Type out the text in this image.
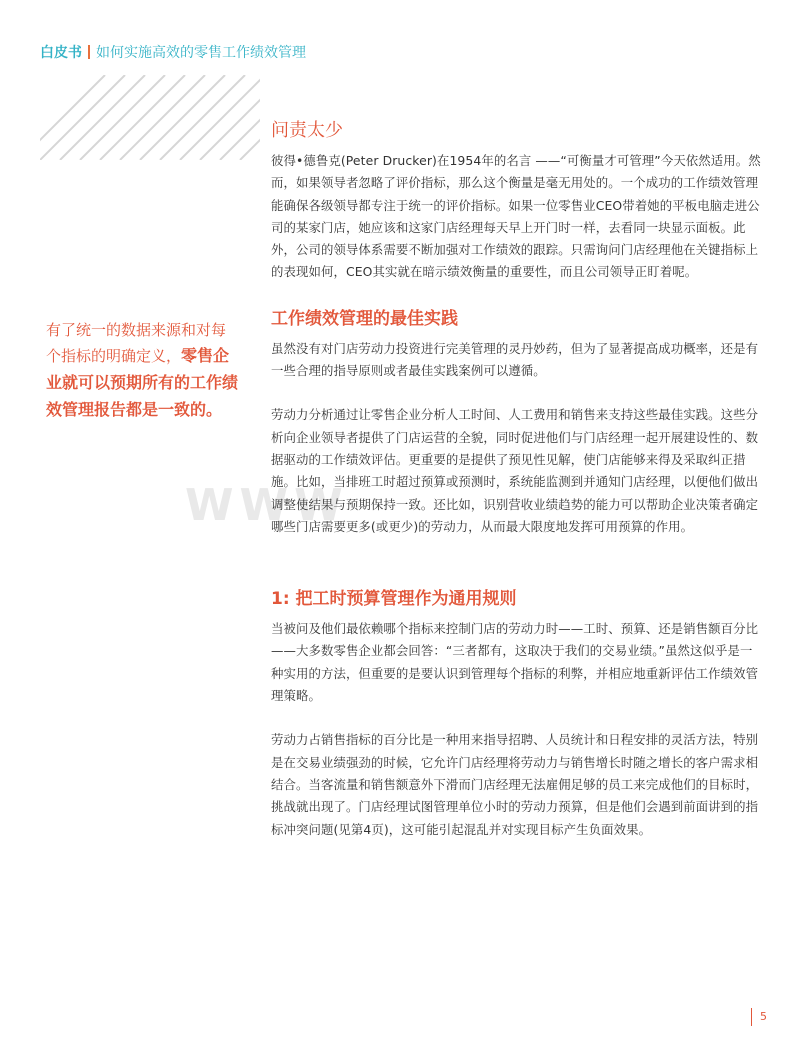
白皮书 如何实施高效的零售工作绩效管理
WWW
有了统一的数据来源和对每个指标的明确定义，零售企业就可以预期所有的工作绩效管理报告都是一致的。
问责太少

彼得•德鲁克(Peter Drucker)在1954年的名言 ——“可衡量才可管理”今天依然适用。然而，如果领导者忽略了评价指标，那么这个衡量是毫无用处的。一个成功的工作绩效管理能确保各级领导都专注于统一的评价指标。如果一位零售业CEO带着她的平板电脑走进公司的某家门店，她应该和这家门店经理每天早上开门时一样，去看同一块显示面板。此外，公司的领导体系需要不断加强对工作绩效的跟踪。只需询问门店经理他在关键指标上的表现如何，CEO其实就在暗示绩效衡量的重要性，而且公司领导正盯着呢。

工作绩效管理的最佳实践

虽然没有对门店劳动力投资进行完美管理的灵丹妙药，但为了显著提高成功概率，还是有一些合理的指导原则或者最佳实践案例可以遵循。

劳动力分析通过让零售企业分析人工时间、人工费用和销售来支持这些最佳实践。这些分析向企业领导者提供了门店运营的全貌，同时促进他们与门店经理一起开展建设性的、数据驱动的工作绩效评估。更重要的是提供了预见性见解，使门店能够来得及采取纠正措施。比如，当排班工时超过预算或预测时，系统能监测到并通知门店经理，以便他们做出调整使结果与预期保持一致。还比如，识别营收业绩趋势的能力可以帮助企业决策者确定哪些门店需要更多(或更少)的劳动力，从而最大限度地发挥可用预算的作用。

1: 把工时预算管理作为通用规则

当被问及他们最依赖哪个指标来控制门店的劳动力时——工时、预算、还是销售额百分比——大多数零售企业都会回答：“三者都有，这取决于我们的交易业绩。”虽然这似乎是一种实用的方法，但重要的是要认识到管理每个指标的利弊，并相应地重新评估工作绩效管理策略。

劳动力占销售指标的百分比是一种用来指导招聘、人员统计和日程安排的灵活方法，特别是在交易业绩强劲的时候，它允许门店经理将劳动力与销售增长时随之增长的客户需求相结合。当客流量和销售额意外下滑而门店经理无法雇佣足够的员工来完成他们的目标时，挑战就出现了。门店经理试图管理单位小时的劳动力预算，但是他们会遇到前面讲到的指标冲突问题(见第4页)，这可能引起混乱并对实现目标产生负面效果。

5
